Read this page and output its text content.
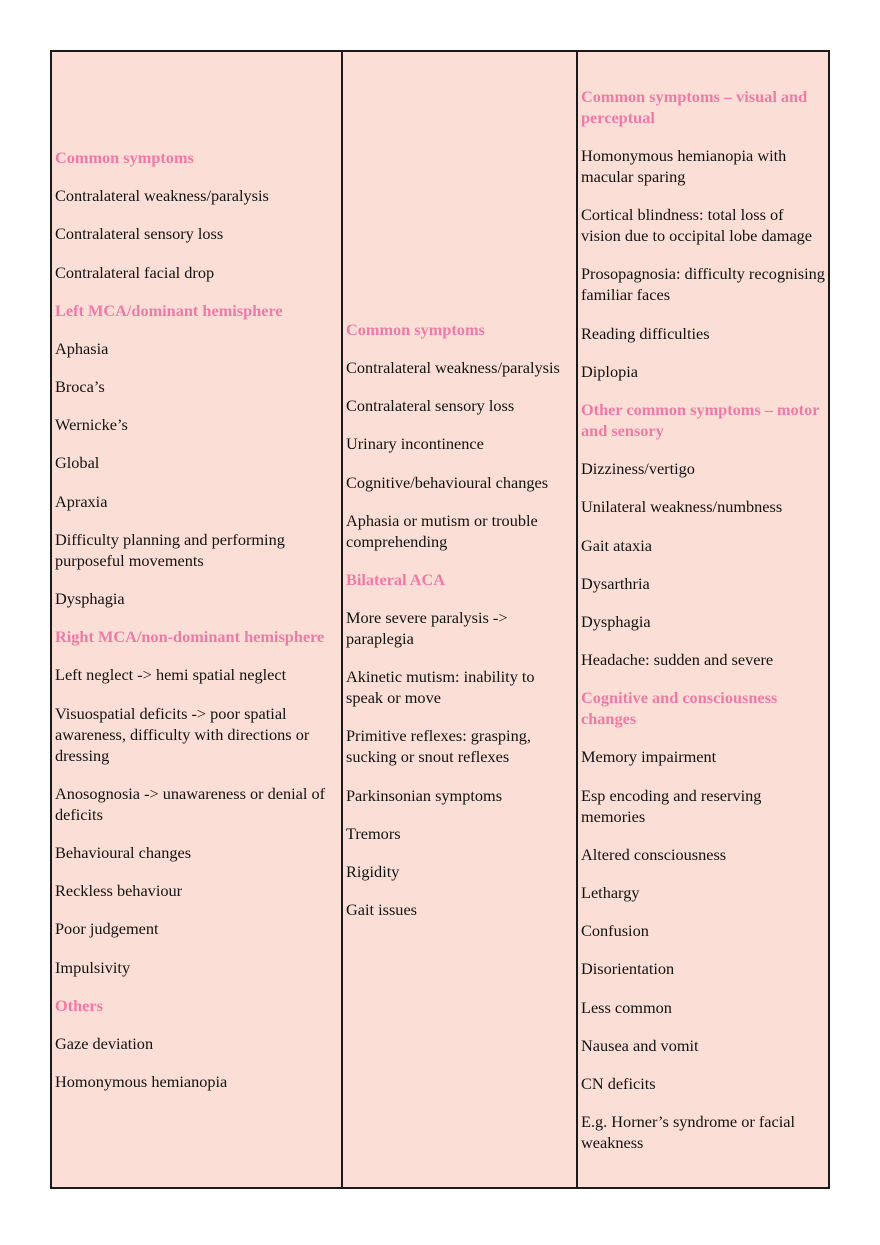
Common symptoms

Contralateral weakness/paralysis

Contralateral sensory loss

Contralateral facial drop

Left MCA/dominant hemisphere

Aphasia

Broca’s

Wernicke’s

Global

Apraxia

Difficulty planning and performing purposeful movements

Dysphagia

Right MCA/non-dominant hemisphere

Left neglect -> hemi spatial neglect

Visuospatial deficits -> poor spatial awareness, difficulty with directions or dressing

Anosognosia -> unawareness or denial of deficits

Behavioural changes

Reckless behaviour

Poor judgement

Impulsivity

Others

Gaze deviation

Homonymous hemianopia

Common symptoms

Contralateral weakness/paralysis

Contralateral sensory loss

Urinary incontinence

Cognitive/behavioural changes

Aphasia or mutism or trouble comprehending

Bilateral ACA

More severe paralysis -> paraplegia

Akinetic mutism: inability to speak or move

Primitive reflexes: grasping, sucking or snout reflexes

Parkinsonian symptoms

Tremors

Rigidity

Gait issues

Common symptoms – visual and perceptual

Homonymous hemianopia with macular sparing

Cortical blindness: total loss of vision due to occipital lobe damage

Prosopagnosia: difficulty recognising familiar faces

Reading difficulties

Diplopia

Other common symptoms – motor and sensory

Dizziness/vertigo

Unilateral weakness/numbness

Gait ataxia

Dysarthria

Dysphagia

Headache: sudden and severe

Cognitive and consciousness changes

Memory impairment

Esp encoding and reserving memories

Altered consciousness

Lethargy

Confusion

Disorientation

Less common

Nausea and vomit

CN deficits

E.g. Horner’s syndrome or facial weakness
